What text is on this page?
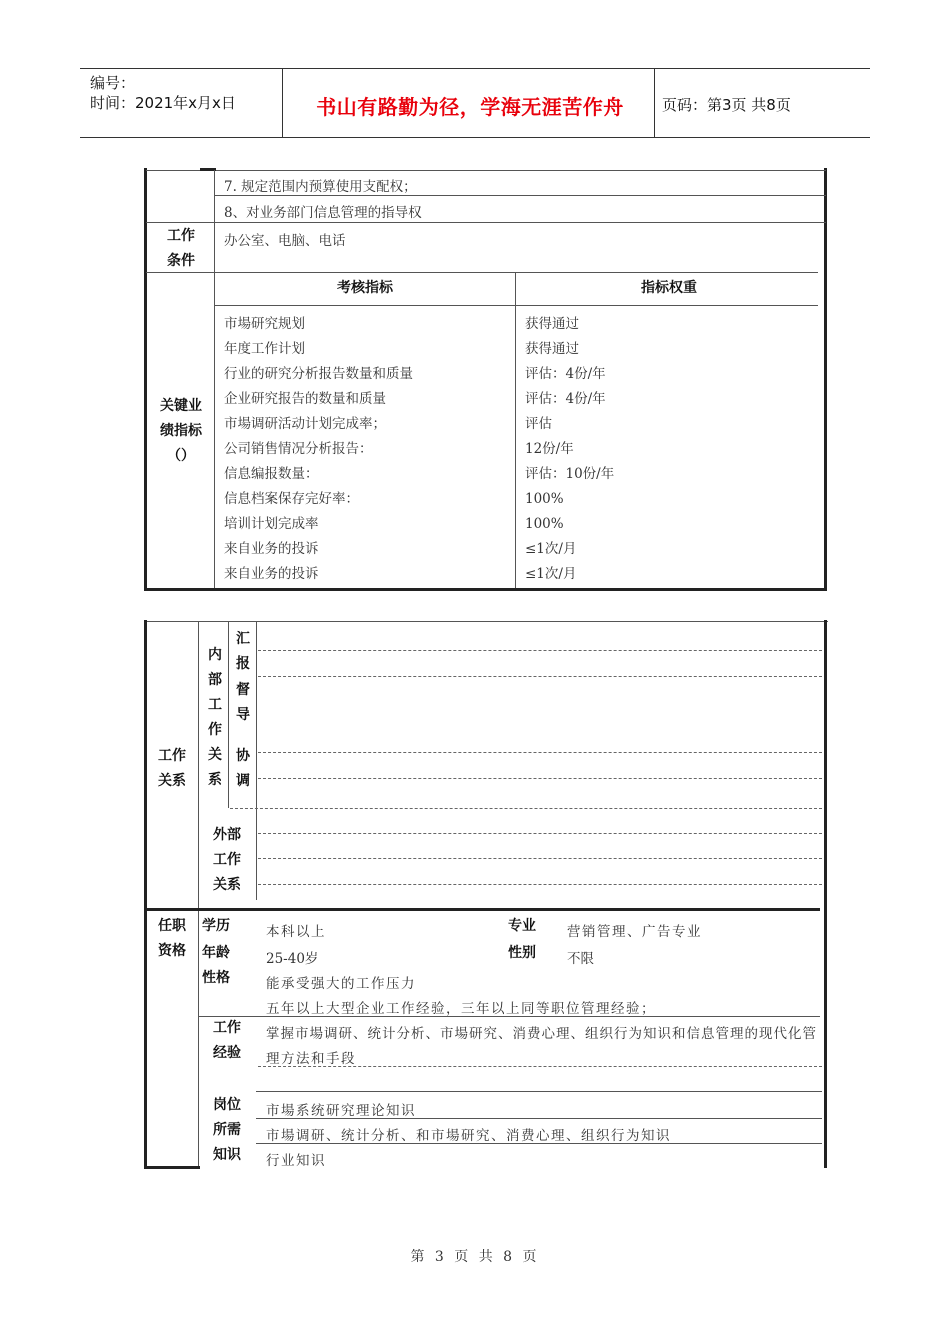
编号：
时间：2021年x月x日	书山有路勤为径，学海无涯苦作舟	页码：第3页 共8页
7. 规定范围内预算使用支配权；
8、对业务部门信息管理的指导权
工作
条件
办公室、电脑、电话
关键业
绩指标
（）
考核指标	指标权重
市場研究规划	获得通过
年度工作计划	获得通过
行业的研究分析报告数量和质量	评估：4份/年
企业研究报告的数量和质量	评估：4份/年
市場调研活动计划完成率；	评估
公司销售情况分析报告：	12份/年
信息编报数量：	评估：10份/年
信息档案保存完好率：	100%
培训计划完成率	100%
来自业务的投诉	≤1次/月
来自业务的投诉	≤1次/月
工作
关系
内
部
工
作
关
系
汇
报
督
导
协
调
外部
工作
关系
任职
资格
学历	本科以上	专业	营销管理、广告专业
年龄	25-40岁	性别	不限
性格	能承受强大的工作压力
五年以上大型企业工作经验，三年以上同等职位管理经验；
工作
经验
掌握市場调研、统计分析、市場研究、消费心理、组织行为知识和信息管理的现代化管
理方法和手段
岗位
所需
知识
市場系统研究理论知识
市場调研、统计分析、和市場研究、消费心理、组织行为知识
行业知识
第 3 页 共 8 页
